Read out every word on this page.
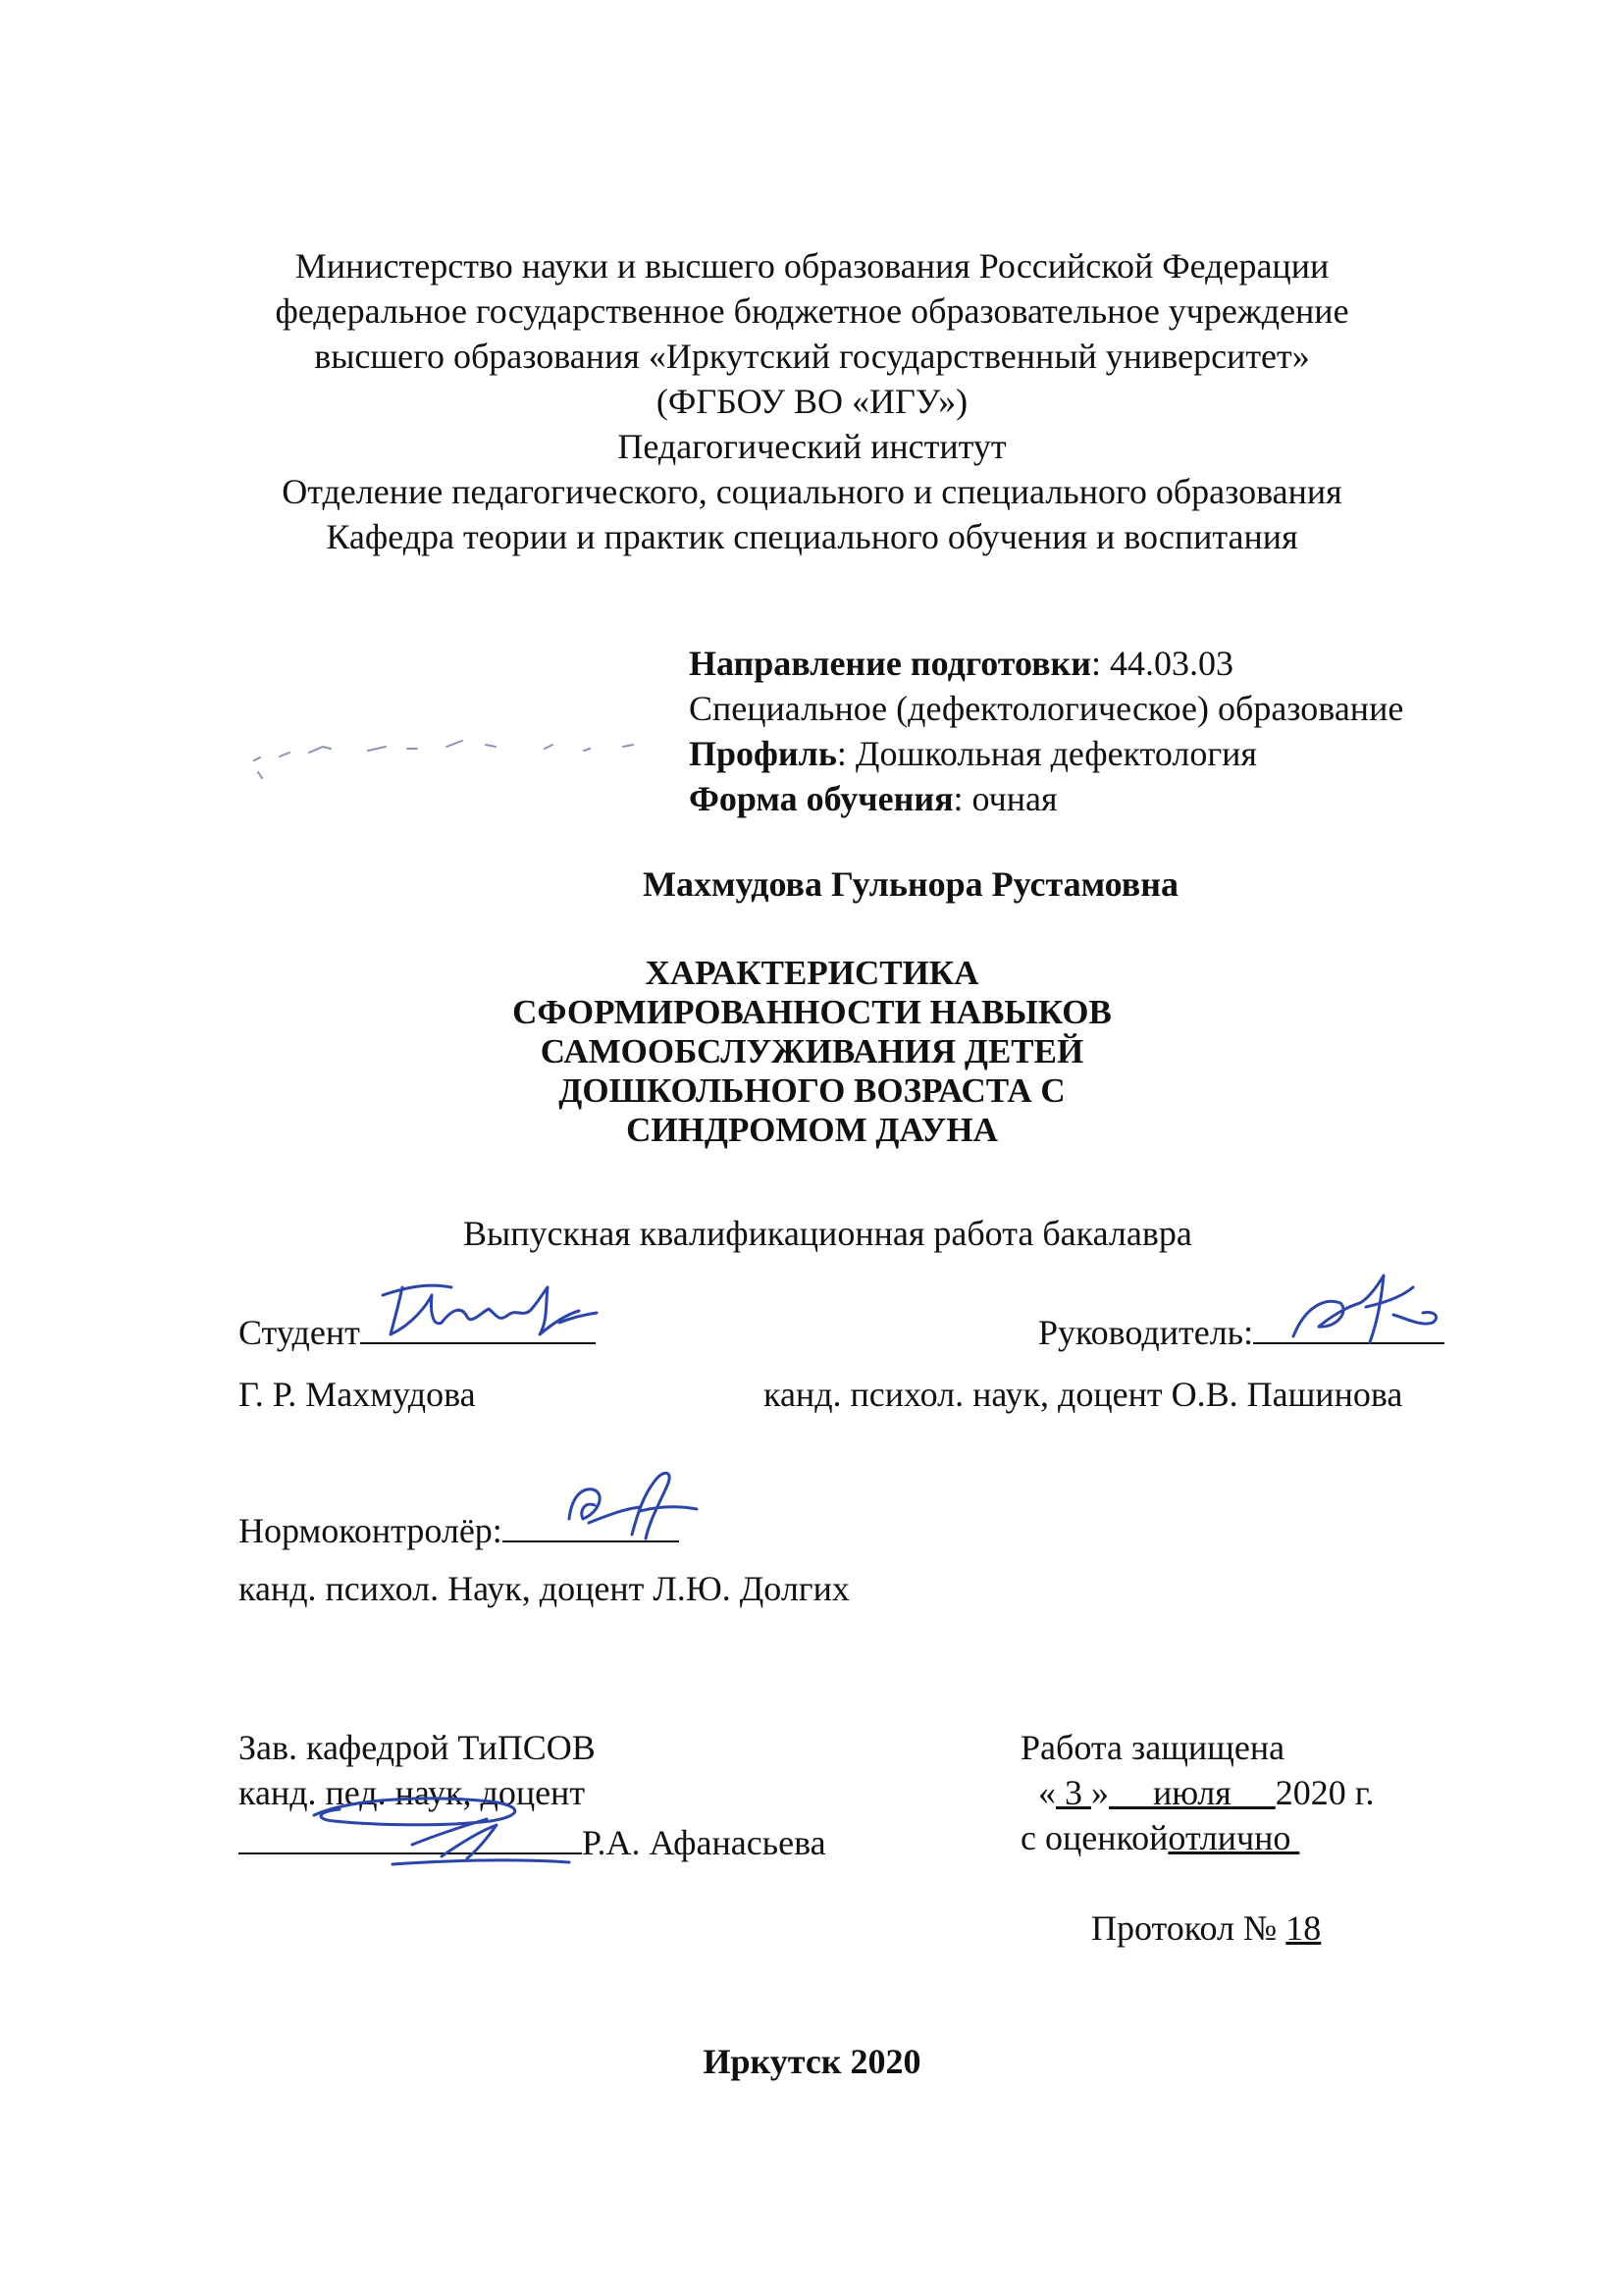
Министерство науки и высшего образования Российской Федерации
федеральное государственное бюджетное образовательное учреждение
высшего образования «Иркутский государственный университет»
(ФГБОУ ВО «ИГУ»)
Педагогический институт
Отделение педагогического, социального и специального образования
Кафедра теории и практик специального обучения и воспитания
Направление подготовки: 44.03.03
Специальное (дефектологическое) образование
Профиль: Дошкольная дефектология
Форма обучения: очная
Махмудова Гульнора Рустамовна
ХАРАКТЕРИСТИКА
СФОРМИРОВАННОСТИ НАВЫКОВ
САМООБСЛУЖИВАНИЯ ДЕТЕЙ
ДОШКОЛЬНОГО ВОЗРАСТА С
СИНДРОМОМ ДАУНА
Выпускная квалификационная работа бакалавра
Студент	Руководитель:
Г. Р. Махмудова	канд. психол. наук, доцент О.В. Пашинова
Нормоконтролёр:
канд. психол. Наук, доцент Л.Ю. Долгих
Зав. кафедрой ТиПСОВ
канд. пед. наук, доцент
Р.А. Афанасьева
Работа защищена
« 3 » июля 2020 г.
с оценкойотлично

Протокол № 18

Иркутск 2020
